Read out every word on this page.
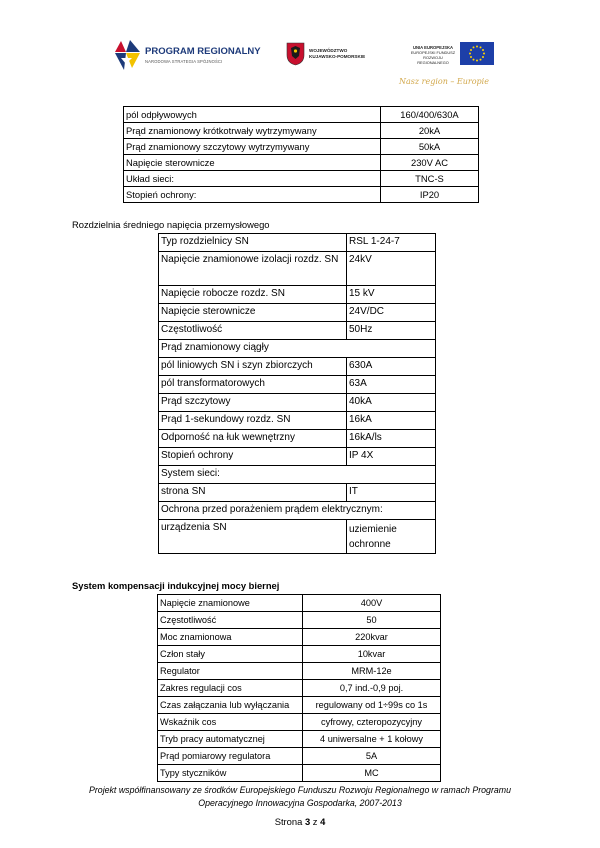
PROGRAM REGIONALNY
NARODOWA STRATEGIA SPÓJNOŚCI
WOJEWÓDZTWO
KUJAWSKO-POMORSKIE
UNIA EUROPEJSKA
EUROPEJSKI FUNDUSZ
ROZWOJU REGIONALNEGO
Nasz region – Europie
pól odpływowych	160/400/630A
Prąd znamionowy krótkotrwały wytrzymywany	20kA
Prąd znamionowy szczytowy wytrzymywany	50kA
Napięcie sterownicze	230V AC
Układ sieci:	TNC-S
Stopień ochrony:	IP20
Rozdzielnia średniego napięcia przemysłowego
Typ rozdzielnicy SN	RSL 1-24-7
Napięcie znamionowe izolacji rozdz. SN	24kV
Napięcie robocze rozdz. SN	15 kV
Napięcie sterownicze	24V/DC
Częstotliwość	50Hz
Prąd znamionowy ciągły	
pól liniowych SN i szyn zbiorczych	630A
pól transformatorowych	63A
Prąd szczytowy	40kA
Prąd 1-sekundowy rozdz. SN	16kA
Odporność na łuk wewnętrzny	16kA/ls
Stopień ochrony	IP 4X
System sieci:	
strona SN	IT
Ochrona przed porażeniem prądem elektrycznym:	
urządzenia SN	uziemienie ochronne
System kompensacji indukcyjnej mocy biernej
Napięcie znamionowe	400V
Częstotliwość	50
Moc znamionowa	220kvar
Człon stały	10kvar
Regulator	MRM-12e
Zakres regulacji cos	0,7 ind.-0,9 poj.
Czas załączania lub wyłączania	regulowany od 1÷99s co 1s
Wskaźnik cos	cyfrowy, czteropozycyjny
Tryb pracy automatycznej	4 uniwersalne + 1 kołowy
Prąd pomiarowy regulatora	5A
Typy styczników	MC
Projekt współfinansowany ze środków Europejskiego Funduszu Rozwoju Regionalnego w ramach Programu
Operacyjnego Innowacyjna Gospodarka, 2007-2013
Strona 3 z 4
